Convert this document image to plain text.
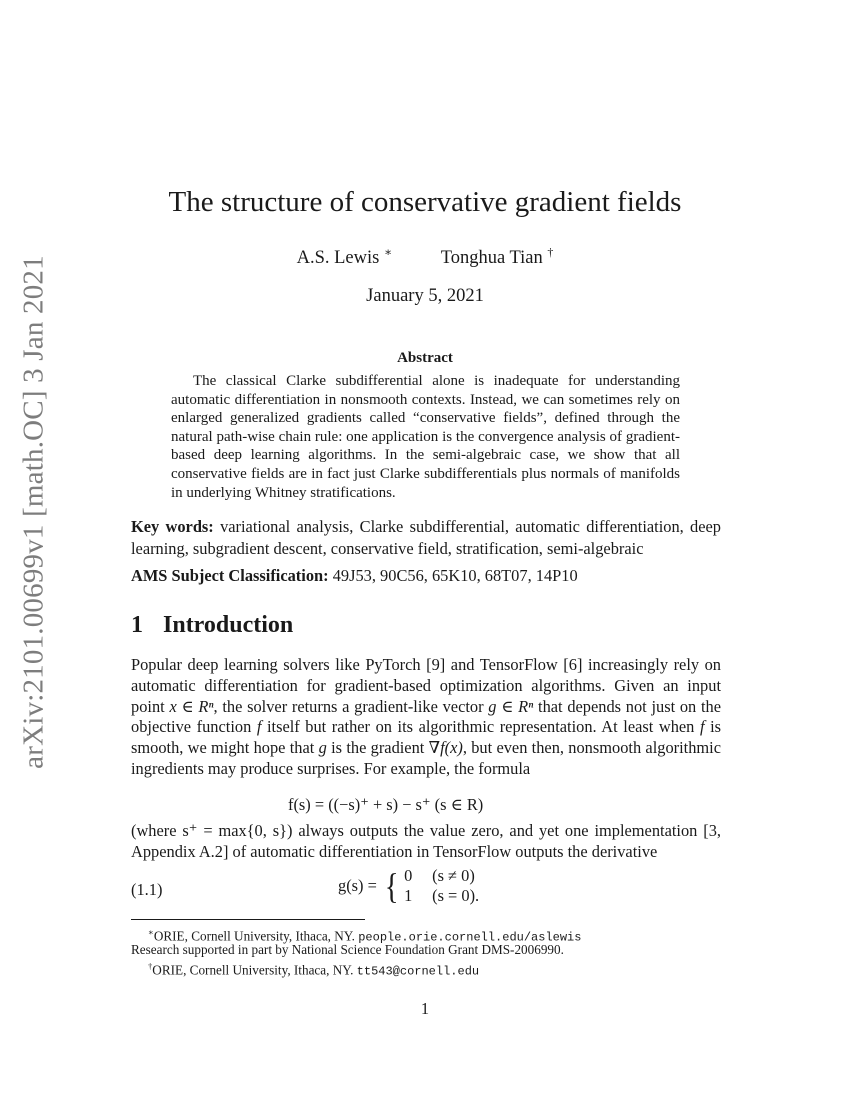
arXiv:2101.00699v1 [math.OC] 3 Jan 2021
The structure of conservative gradient fields
A.S. Lewis ∗	Tonghua Tian †
January 5, 2021
Abstract
The classical Clarke subdifferential alone is inadequate for understanding automatic differentiation in nonsmooth contexts. Instead, we can sometimes rely on enlarged generalized gradients called “conservative fields”, defined through the natural path-wise chain rule: one application is the convergence analysis of gradient-based deep learning algorithms. In the semi-algebraic case, we show that all conservative fields are in fact just Clarke subdifferentials plus normals of manifolds in underlying Whitney stratifications.
Key words: variational analysis, Clarke subdifferential, automatic differentiation, deep learning, subgradient descent, conservative field, stratification, semi-algebraic
AMS Subject Classification: 49J53, 90C56, 65K10, 68T07, 14P10
1 Introduction
Popular deep learning solvers like PyTorch [9] and TensorFlow [6] increasingly rely on automatic differentiation for gradient-based optimization algorithms. Given an input point x ∈ Rⁿ, the solver returns a gradient-like vector g ∈ Rⁿ that depends not just on the objective function f itself but rather on its algorithmic representation. At least when f is smooth, we might hope that g is the gradient ∇f(x), but even then, nonsmooth algorithmic ingredients may produce surprises. For example, the formula
f(s) = ((−s)⁺ + s) − s⁺ (s ∈ R)
(where s⁺ = max{0, s}) always outputs the value zero, and yet one implementation [3, Appendix A.2] of automatic differentiation in TensorFlow outputs the derivative
(1.1)	g(s) = { 0 (s ≠ 0)
1 (s = 0).
∗ORIE, Cornell University, Ithaca, NY. people.orie.cornell.edu/aslewis
Research supported in part by National Science Foundation Grant DMS-2006990.
†ORIE, Cornell University, Ithaca, NY. tt543@cornell.edu
1
